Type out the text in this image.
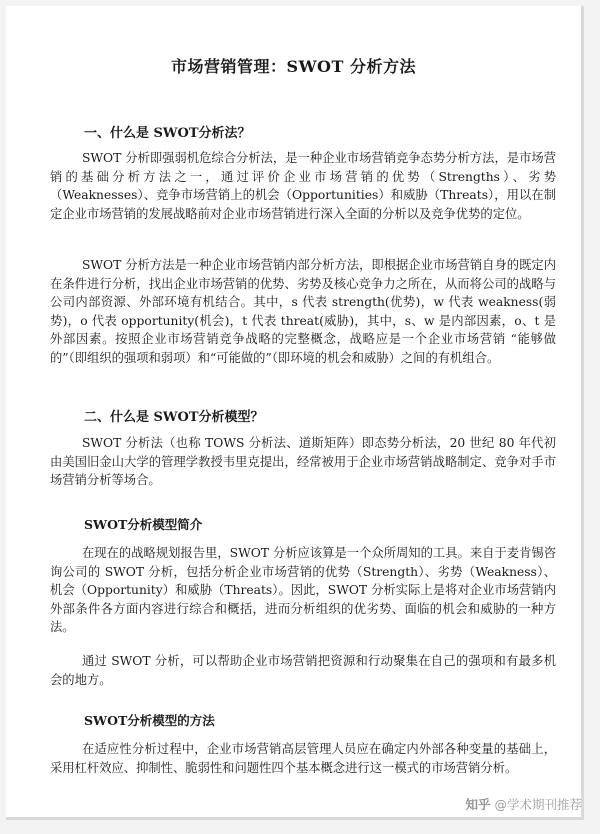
市场营销管理：SWOT 分析方法
一、什么是 SWOT分析法？

SWOT 分析即强弱机危综合分析法，是一种企业市场营销竞争态势分析方法，是市场营销的基础分析方法之一，通过评价企业市场营销的优势（Strengths）、劣势（Weaknesses）、竞争市场营销上的机会（Opportunities）和威胁（Threats），用以在制定企业市场营销的发展战略前对企业市场营销进行深入全面的分析以及竞争优势的定位。

SWOT 分析方法是一种企业市场营销内部分析方法，即根据企业市场营销自身的既定内在条件进行分析，找出企业市场营销的优势、劣势及核心竞争力之所在，从而将公司的战略与公司内部资源、外部环境有机结合。其中，s 代表 strength(优势)，w 代表 weakness(弱势)，o 代表 opportunity(机会)，t 代表 threat(威胁)，其中，s、w 是内部因素，o、t 是外部因素。按照企业市场营销竞争战略的完整概念，战略应是一个企业市场营销 “能够做的”（即组织的强项和弱项）和“可能做的”（即环境的机会和威胁）之间的有机组合。

二、什么是 SWOT分析模型？

SWOT 分析法（也称 TOWS 分析法、道斯矩阵）即态势分析法，20 世纪 80 年代初由美国旧金山大学的管理学教授韦里克提出，经常被用于企业市场营销战略制定、竞争对手市场营销分析等场合。

SWOT分析模型简介

在现在的战略规划报告里，SWOT 分析应该算是一个众所周知的工具。来自于麦肯锡咨询公司的 SWOT 分析，包括分析企业市场营销的优势（Strength）、劣势（Weakness）、机会（Opportunity）和威胁（Threats）。因此，SWOT 分析实际上是将对企业市场营销内外部条件各方面内容进行综合和概括，进而分析组织的优劣势、面临的机会和威胁的一种方法。

通过 SWOT 分析，可以帮助企业市场营销把资源和行动聚集在自己的强项和有最多机会的地方。

SWOT分析模型的方法

在适应性分析过程中，企业市场营销高层管理人员应在确定内外部各种变量的基础上，采用杠杆效应、抑制性、脆弱性和问题性四个基本概念进行这一模式的市场营销分析。

知乎 @学术期刊推荐
